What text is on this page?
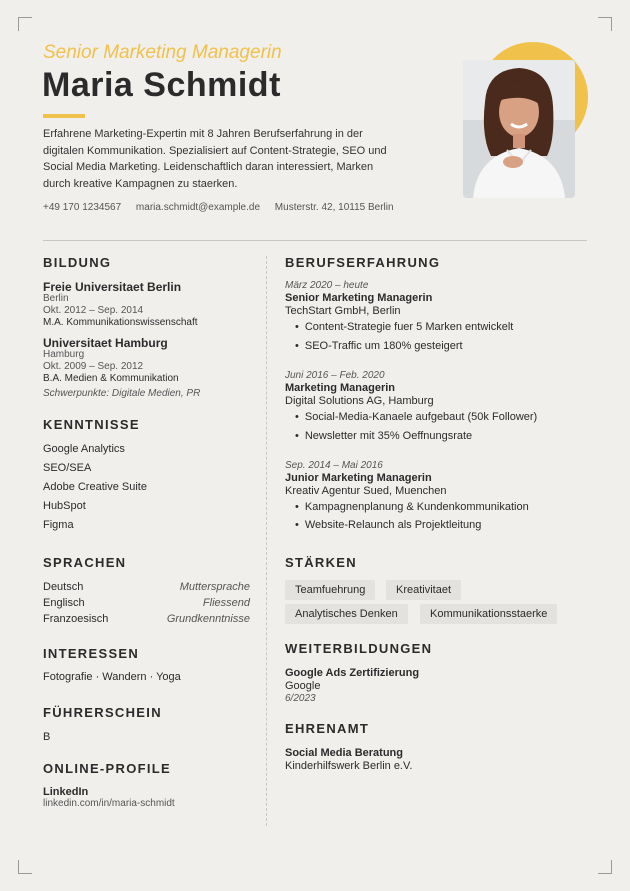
Senior Marketing Managerin
Maria Schmidt
Erfahrene Marketing-Expertin mit 8 Jahren Berufserfahrung in der digitalen Kommunikation. Spezialisiert auf Content-Strategie, SEO und Social Media Marketing. Leidenschaftlich daran interessiert, Marken durch kreative Kampagnen zu staerken.
+49 170 1234567 maria.schmidt@example.de Musterstr. 42, 10115 Berlin
BILDUNG
Freie Universitaet Berlin
Berlin
Okt. 2012 – Sep. 2014
M.A. Kommunikationswissenschaft
Universitaet Hamburg
Hamburg
Okt. 2009 – Sep. 2012
B.A. Medien & Kommunikation
Schwerpunkte: Digitale Medien, PR
KENNTNISSE
Google Analytics
SEO/SEA
Adobe Creative Suite
HubSpot
Figma
SPRACHEN
Deutsch	Muttersprache
Englisch	Fliessend
Franzoesisch	Grundkenntnisse
INTERESSEN
Fotografie · Wandern · Yoga
FÜHRERSCHEIN
B
ONLINE-PROFILE
LinkedIn
linkedin.com/in/maria-schmidt
BERUFSERFAHRUNG
März 2020 – heute
Senior Marketing Managerin
TechStart GmbH, Berlin
• Content-Strategie fuer 5 Marken entwickelt
• SEO-Traffic um 180% gesteigert
Juni 2016 – Feb. 2020
Marketing Managerin
Digital Solutions AG, Hamburg
• Social-Media-Kanaele aufgebaut (50k Follower)
• Newsletter mit 35% Oeffnungsrate
Sep. 2014 – Mai 2016
Junior Marketing Managerin
Kreativ Agentur Sued, Muenchen
• Kampagnenplanung & Kundenkommunikation
• Website-Relaunch als Projektleitung
STÄRKEN
Teamfuehrung	Kreativitaet
Analytisches Denken	Kommunikationsstaerke
WEITERBILDUNGEN
Google Ads Zertifizierung
Google
6/2023
EHRENAMT
Social Media Beratung
Kinderhilfswerk Berlin e.V.
